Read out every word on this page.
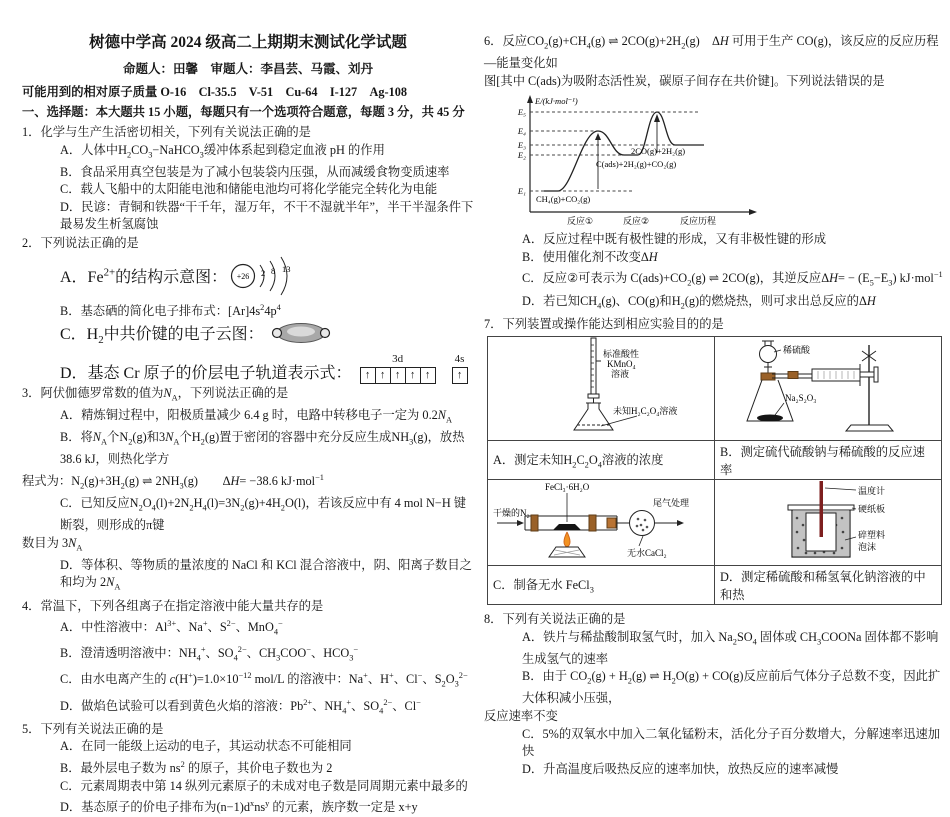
树德中学高 2024 级高二上期期末测试化学试题
命题人：田馨　审题人：李昌芸、马霞、刘丹
可能用到的相对原子质量 O-16　Cl-35.5　V-51　Cu-64　I-127　Ag-108
一、选择题：本大题共 15 小题，每题只有一个选项符合题意，每题 3 分，共 45 分

1．化学与生产生活密切相关，下列有关说法正确的是

A．人体中$H_2CO_3-NaHCO_3$缓冲体系起到稳定血液 pH 的作用

B．食品采用真空包装是为了减小包装袋内压强，从而减缓食物变质速率

C．载人飞船中的太阳能电池和储能电池均可将化学能完全转化为电能

D．民谚：青铜和铁器“干千年，湿万年，不干不湿就半年”，半干半湿条件下最易发生析氢腐蚀

2．下列说法正确的是

A．$Fe^{2+}$的结构示意图： +26 2 8 13

B．基态硒的简化电子排布式：$[Ar]4s^24p^4$

C．$H_2$中共价键的电子云图：
D．基态 Cr 原子的价层电子轨道表示式：
3d
↑ ↑ ↑ ↑ ↑
4s
↑

3．阿伏伽德罗常数的值为$N_A$，下列说法正确的是

A．精炼铜过程中，阳极质量减少 6.4 g 时，电路中转移电子一定为 $0.2N_A$

B．将$N_A$个$N_2(g)$和$3N_A$个$H_2(g)$置于密闭的容器中充分反应生成$NH_3(g)$，放热 38.6 kJ，则热化学方

程式为：$N_2(g)+3H_2(g)$ ⇌ $2NH_3(g)$　　ΔH= −38.6 kJ·mol$^{-1}$

C．已知反应$N_2O_4(l)+2N_2H_4(l)=3N_2(g)+4H_2O(l)$，若该反应中有 4 mol N−H 键断裂，则形成的π键

数目为 $3N_A$

D．等体积、等物质的量浓度的 NaCl 和 KCl 混合溶液中，阴、阳离子数目之和均为 $2N_A$

4．常温下，下列各组离子在指定溶液中能大量共存的是

A．中性溶液中：$Al^{3+}$、Na+、$S^{2-}$、MnO$_4$−

B．澄清透明溶液中：$NH_4^+$、$SO_4^{2-}$、$CH_3COO^-$、$HCO_3^-$

C．由水电离产生的 $c(H^+)=1.0\times 10^{-12}$ mol/L 的溶液中：Na+、H+、Cl−、$S_2O_3^{2-}$

D．做焰色试验可以看到黄色火焰的溶液：$Pb^{2+}$、$NH_4^+$、$SO_4^{2-}$、Cl−

5．下列有关说法正确的是

A．在同一能级上运动的电子，其运动状态不可能相同

B．最外层电子数为 $ns^2$ 的原子，其价电子数也为 2

C．元素周期表中第 14 纵列元素原子的未成对电子数是同周期元素中最多的

D．基态原子的价电子排布为$(n-1)d^xns^y$ 的元素，族序数一定是 x+y

6．反应$CO_2(g)+CH_4(g)$ ⇌ $2CO(g)+2H_2(g)$　ΔH 可用于生产 CO(g)，该反应的反应历程—能量变化如

图[其中 C(ads)为吸附态活性炭，碳原子间存在共价键]。下列说法错误的是

E/(kJ·mol⁻¹)
E₅
E₄
E₃
E₂
E₁
CH₄(g)+CO₂(g)
C(ads)+2H₂(g)+CO₂(g)
2CO(g)+2H₂(g)
反应①	反应②	反应历程

A．反应过程中既有极性键的形成，又有非极性键的形成

B．使用催化剂不改变ΔH

C．反应②可表示为 $C(ads)+CO_2(g)$ ⇌ 2CO(g)，其逆反应$\Delta H= - (E_5-E_3)$ kJ·mol$^{-1}$

D．若已知$CH_4(g)$、CO(g)和$H_2(g)$的燃烧热，则可求出总反应的ΔH

7．下列装置或操作能达到相应实验目的的是

标准酸性
KMnO₄
溶液
未知H₂C₂O₄溶液	稀硫酸
Na₂S₂O₃

A．测定未知$H_2C_2O_4$溶液的浓度	B．测定硫代硫酸钠与稀硫酸的反应速率

干燥的N₂
FeCl₃·6H₂O
尾气处理
无水CaCl₂	温度计
硬纸板
碎塑料
泡沫

C．制备无水 FeCl$_3$	D．测定稀硫酸和稀氢氧化钠溶液的中和热

8．下列有关说法正确的是

A．铁片与稀盐酸制取氢气时，加入 $Na_2SO_4$ 固体或 $CH_3COONa$ 固体都不影响生成氢气的速率

B．由于 $CO_2(g) + H_2(g)$ ⇌ $H_2O(g) + CO(g)$反应前后气体分子总数不变，因此扩大体积减小压强，

反应速率不变

C．5%的双氧水中加入二氧化锰粉末，活化分子百分数增大，分解速率迅速加快

D．升高温度后吸热反应的速率加快，放热反应的速率减慢
